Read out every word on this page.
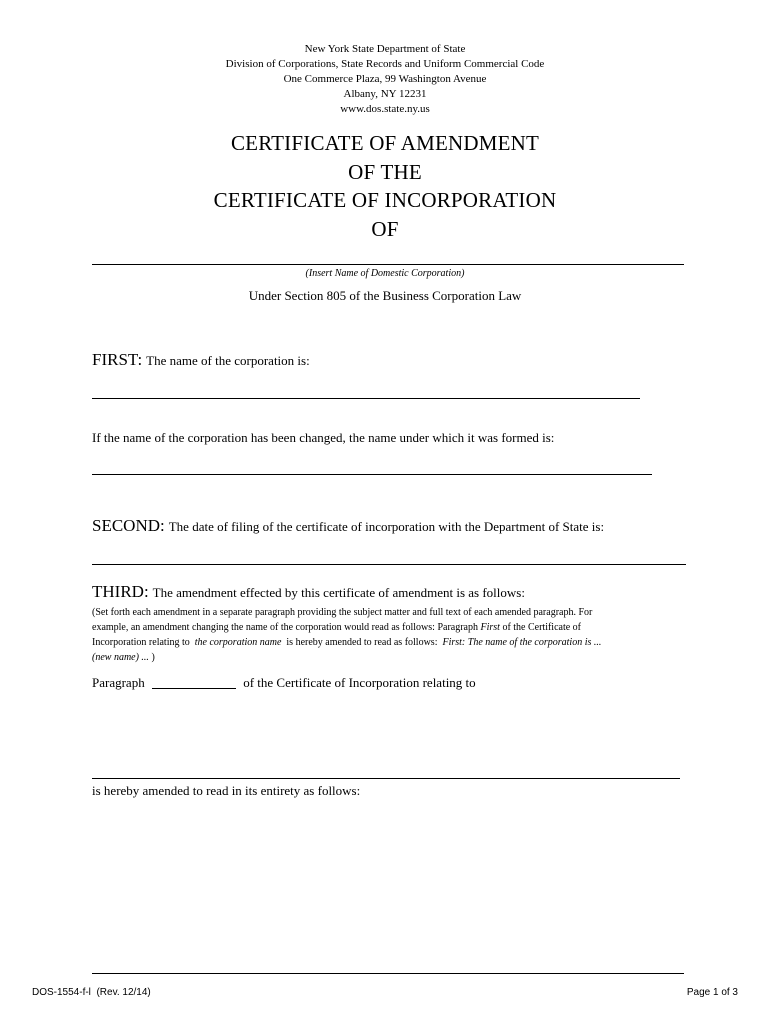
New York State Department of State
Division of Corporations, State Records and Uniform Commercial Code
One Commerce Plaza, 99 Washington Avenue
Albany, NY 12231
www.dos.state.ny.us
CERTIFICATE OF AMENDMENT
OF THE
CERTIFICATE OF INCORPORATION
OF
(Insert Name of Domestic Corporation)
Under Section 805 of the Business Corporation Law
FIRST: The name of the corporation is:
If the name of the corporation has been changed, the name under which it was formed is:
SECOND: The date of filing of the certificate of incorporation with the Department of State is:
THIRD: The amendment effected by this certificate of amendment is as follows:
(Set forth each amendment in a separate paragraph providing the subject matter and full text of each amended paragraph. For
example, an amendment changing the name of the corporation would read as follows: Paragraph First of the Certificate of
Incorporation relating to the corporation name is hereby amended to read as follows: First: The name of the corporation is ...
(new name) ... )
Paragraph	of the Certificate of Incorporation relating to
is hereby amended to read in its entirety as follows:
DOS-1554-f-l  (Rev. 12/14)	Page 1 of 3
